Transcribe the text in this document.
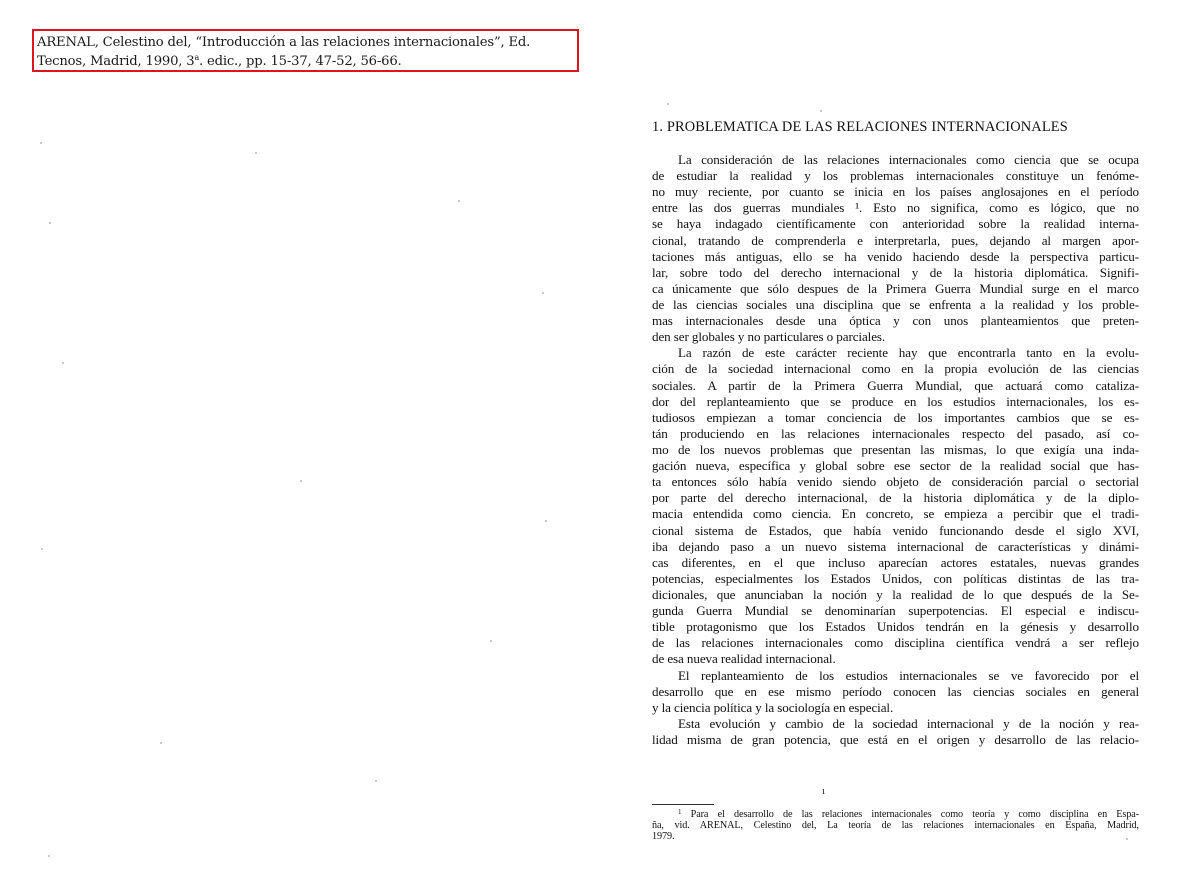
ARENAL, Celestino del, “Introducción a las relaciones internacionales”, Ed.
Tecnos, Madrid, 1990, 3$^a$. edic., pp. 15-37, 47-52, 56-66.
1. PROBLEMATICA DE LAS RELACIONES INTERNACIONALES

La consideración de las relaciones internacionales como ciencia que se ocupa
de estudiar la realidad y los problemas internacionales constituye un fenóme-
no muy reciente, por cuanto se inicia en los países anglosajones en el período
entre las dos guerras mundiales ¹. Esto no significa, como es lógico, que no
se haya indagado científicamente con anterioridad sobre la realidad interna-
cional, tratando de comprenderla e interpretarla, pues, dejando al margen apor-
taciones más antiguas, ello se ha venido haciendo desde la perspectiva particu-
lar, sobre todo del derecho internacional y de la historia diplomática. Signifi-
ca únicamente que sólo despues de la Primera Guerra Mundial surge en el marco
de las ciencias sociales una disciplina que se enfrenta a la realidad y los proble-
mas internacionales desde una óptica y con unos planteamientos que preten-
den ser globales y no particulares o parciales.

La razón de este carácter reciente hay que encontrarla tanto en la evolu-
ción de la sociedad internacional como en la propia evolución de las ciencias
sociales. A partir de la Primera Guerra Mundial, que actuará como cataliza-
dor del replanteamiento que se produce en los estudios internacionales, los es-
tudiosos empiezan a tomar conciencia de los importantes cambios que se es-
tán produciendo en las relaciones internacionales respecto del pasado, así co-
mo de los nuevos problemas que presentan las mismas, lo que exigía una inda-
gación nueva, específica y global sobre ese sector de la realidad social que has-
ta entonces sólo había venido siendo objeto de consideración parcial o sectorial
por parte del derecho internacional, de la historia diplomática y de la diplo-
macia entendida como ciencia. En concreto, se empieza a percibir que el tradi-
cional sistema de Estados, que había venido funcionando desde el siglo XVI,
iba dejando paso a un nuevo sistema internacional de características y dinámi-
cas diferentes, en el que incluso aparecían actores estatales, nuevas grandes
potencias, especialmentes los Estados Unidos, con políticas distintas de las tra-
dicionales, que anunciaban la noción y la realidad de lo que después de la Se-
gunda Guerra Mundial se denominarían superpotencias. El especial e indiscu-
tible protagonismo que los Estados Unidos tendrán en la génesis y desarrollo
de las relaciones internacionales como disciplina científica vendrá a ser reflejo
de esa nueva realidad internacional.

El replanteamiento de los estudios internacionales se ve favorecido por el
desarrollo que en ese mismo período conocen las ciencias sociales en general
y la ciencia política y la sociología en especial.

Esta evolución y cambio de la sociedad internacional y de la noción y rea-
lidad misma de gran potencia, que está en el origen y desarrollo de las relacio-

$^1$ Para el desarrollo de las relaciones internacionales como teoría y como disciplina en Espa-
ña, vid. ARENAL, Celestino del, La teoría de las relaciones internacionales en España, Madrid,
1979.
ı
